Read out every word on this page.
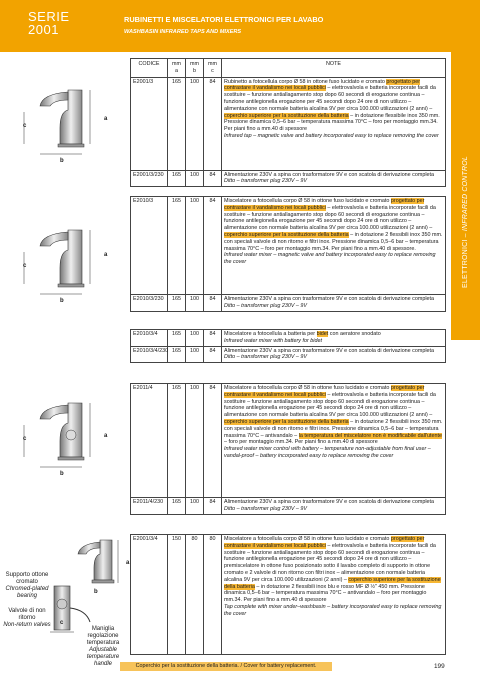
SERIE
2001
RUBINETTI E MISCELATORI ELETTRONICI PER LAVABO
WASHBASIN INFRARED TAPS AND MIXERS
ELETTRONICI – INFRARED CONTROL
CODICE	mm a	mm b	mm c	NOTE
E2001/3	165	100	84	Rubinetto a fotocellula corpo Ø 58 in ottone fuso lucidato e cromato progettato per contrastare il vandalismo nei locali pubblici – elettrovalvola e batteria incorporate facili da sostituire – funzione antiallagamento stop dopo 60 secondi di erogazione continua – funzione antilegionella erogazione per 45 secondi dopo 24 ore di non utilizzo – alimentazione con normale batteria alcalina 9V per circa 100.000 utilizzazioni (2 anni) – coperchio superiore per la sostituzione della batteria – in dotazione flessibile inox 350 mm. Pressione dinamica 0,5–6 bar – temperatura massima 70°C – foro per montaggio mm.34. Per piani fino a mm.40 di spessore
Infrared tap – magnetic valve and battery incorporated easy to replace removing the cover
E2001/3/230	165	100	84	Alimentazione 230V a spina con trasformatore 9V e con scatola di derivazione completa
Ditto – transformer plug 230V – 9V
E2010/3	165	100	84	Miscelatore a fotocellula corpo Ø 58 in ottone fuso lucidato e cromato progettato per contrastare il vandalismo nei locali pubblici – elettrovalvola e batteria incorporate facili da sostituire – funzione antiallagamento stop dopo 60 secondi di erogazione continua – funzione antilegionella erogazione per 45 secondi dopo 24 ore di non utilizzo – alimentazione con normale batteria alcalina 9V per circa 100.000 utilizzazioni (2 anni) – coperchio superiore per la sostituzione della batteria – in dotazione 2 flessibili inox 350 mm. con speciali valvole di non ritorno e filtri inox. Pressione dinamica 0,5–6 bar – temperatura massima 70°C – foro per montaggio mm.34. Per piani fino a mm.40 di spessore.
Infrared water mixer – magnetic valve and battery incorporated easy to replace removing the cover
E2010/3/230	165	100	84	Alimentazione 230V a spina con trasformatore 9V e con scatola di derivazione completa
Ditto – transformer plug 230V – 9V
E2010/3/4	165	100	84	Miscelatore a fotocellula a batteria per bidet con aeratore snodato
Infrared water mixer with battery for bidet
E2010/3/4/230	165	100	84	Alimentazione 230V a spina con trasformatore 9V e con scatola di derivazione completa
Ditto – transformer plug 230V – 9V
E2011/4	165	100	84	Miscelatore a fotocellula corpo Ø 58 in ottone fuso lucidato e cromato progettato per contrastare il vandalismo nei locali pubblici – elettrovalvola e batteria incorporate facili da sostituire – funzione antiallagamento stop dopo 60 secondi di erogazione continua – funzione antilegionella erogazione per 45 secondi dopo 24 ore di non utilizzo – alimentazione con normale batteria alcalina 9V per circa 100.000 utilizzazioni (2 anni) – coperchio superiore per la sostituzione della batteria – in dotazione 2 flessibili inox 350 mm. con speciali valvole di non ritorno e filtri inox. Pressione dinamica 0,5–6 bar – temperatura massima 70°C – antivandalo – la temperatura del miscelatore non è modificabile dall'utente – foro per montaggio mm.34. Per piani fino a mm.40 di spessore
Infrared water mixer control with battery – temperature non-adjustable from final user – vandal-proof – battery incorporated easy to replace removing the cover
E2011/4/230	165	100	84	Alimentazione 230V a spina con trasformatore 9V e con scatola di derivazione completa
Ditto – transformer plug 230V – 9V
E2001/3/4	150	80	80	Miscelatore a fotocellula corpo Ø 58 in ottone fuso lucidato e cromato progettato per contrastare il vandalismo nei locali pubblici – elettrovalvola e batteria incorporate facili da sostituire – funzione antiallagamento stop dopo 60 secondi di erogazione continua – funzione antilegionella erogazione per 45 secondi dopo 24 ore di non utilizzo – premiscelatore in ottone fuso posizionato sotto il lavabo completo di supporto in ottone cromato e 2 valvole di non ritorno con filtri inox – alimentazione con normale batteria alcalina 9V per circa 100.000 utilizzazioni (2 anni) – coperchio superiore per la sostituzione della batteria – in dotazione 2 flessibili inox blu e rosso MF Ø ½" 450 mm. Pressione dinamica 0,5–6 bar – temperatura massima 70°C – antivandalo – foro per montaggio mm.34. Per piani fino a mm.40 di spessore
Tap complete with mixer under–washbasin – battery incorporated easy to replace removing the cover
c
a
b
c
a
b
c	a
b
b
a
c
Supporto ottone cromato
Chromed-plated bearing
Valvole di non ritorno
Non-return valves
Maniglia regolazione temperatura
Adjustable temperature handle	Coperchio per la sostituzione della batteria. / Cover for battery replacement.	199
